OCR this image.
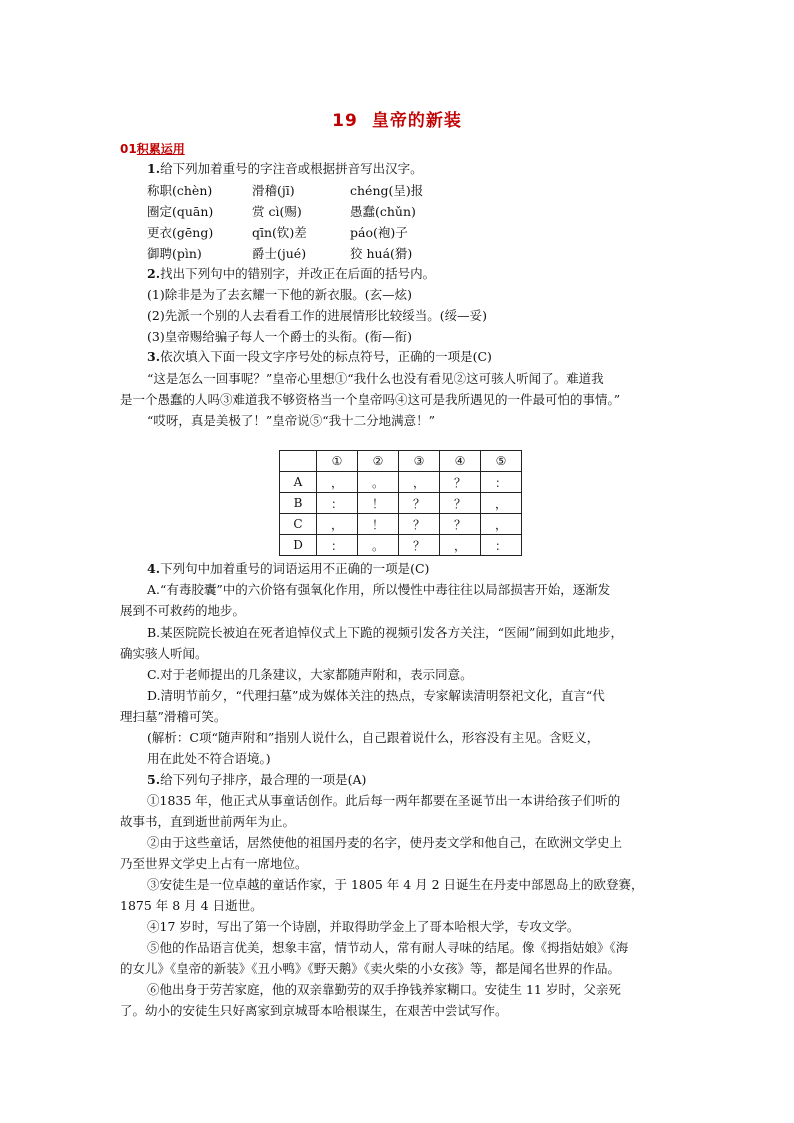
19 皇帝的新装
01积累运用
1.给下列加着重号的字注音或根据拼音写出汉字。
称职(chèn)	滑稽(jī)	chéng(呈)报
圈定(quān)	赏 cì(赐)	愚蠢(chǔn)
更衣(gēng)	qīn(钦)差	páo(袍)子
御聘(pìn)	爵士(jué)	狡 huá(猾)
2.找出下列句中的错别字，并改正在后面的括号内。
(1)除非是为了去玄耀一下他的新衣服。(玄—炫)
(2)先派一个别的人去看看工作的进展情形比较绥当。(绥—妥)
(3)皇帝赐给骗子每人一个爵士的头衔。(衔—衔)
3.依次填入下面一段文字序号处的标点符号，正确的一项是(C)
“这是怎么一回事呢？”皇帝心里想①“我什么也没有看见②这可骇人听闻了。难道我
是一个愚蠢的人吗③难道我不够资格当一个皇帝吗④这可是我所遇见的一件最可怕的事情。”
“哎呀，真是美极了！”皇帝说⑤“我十二分地满意！”
	①	②	③	④	⑤
A	，	。	，	？	：
B	：	！	？	？	，
C	，	！	？	？	，
D	：	。	？	，	：
4.下列句中加着重号的词语运用不正确的一项是(C)
A.“有毒胶囊”中的六价铬有强氧化作用，所以慢性中毒往往以局部损害开始，逐渐发
展到不可救药的地步。
B.某医院院长被迫在死者追悼仪式上下跪的视频引发各方关注，“医闹”闹到如此地步，
确实骇人听闻。
C.对于老师提出的几条建议，大家都随声附和，表示同意。
D.清明节前夕，“代理扫墓”成为媒体关注的热点，专家解读清明祭祀文化，直言“代
理扫墓”滑稽可笑。
(解析：C项“随声附和”指别人说什么，自己跟着说什么，形容没有主见。含贬义，
用在此处不符合语境。)
5.给下列句子排序，最合理的一项是(A)
①1835 年，他正式从事童话创作。此后每一两年都要在圣诞节出一本讲给孩子们听的
故事书，直到逝世前两年为止。
②由于这些童话，居然使他的祖国丹麦的名字，使丹麦文学和他自己，在欧洲文学史上
乃至世界文学史上占有一席地位。
③安徒生是一位卓越的童话作家，于 1805 年 4 月 2 日诞生在丹麦中部恩岛上的欧登赛，
1875 年 8 月 4 日逝世。
④17 岁时，写出了第一个诗剧，并取得助学金上了哥本哈根大学，专攻文学。
⑤他的作品语言优美，想象丰富，情节动人，常有耐人寻味的结尾。像《拇指姑娘》《海
的女儿》《皇帝的新装》《丑小鸭》《野天鹅》《卖火柴的小女孩》等，都是闻名世界的作品。
⑥他出身于劳苦家庭，他的双亲靠勤劳的双手挣钱养家糊口。安徒生 11 岁时，父亲死
了。幼小的安徒生只好离家到京城哥本哈根谋生，在艰苦中尝试写作。
